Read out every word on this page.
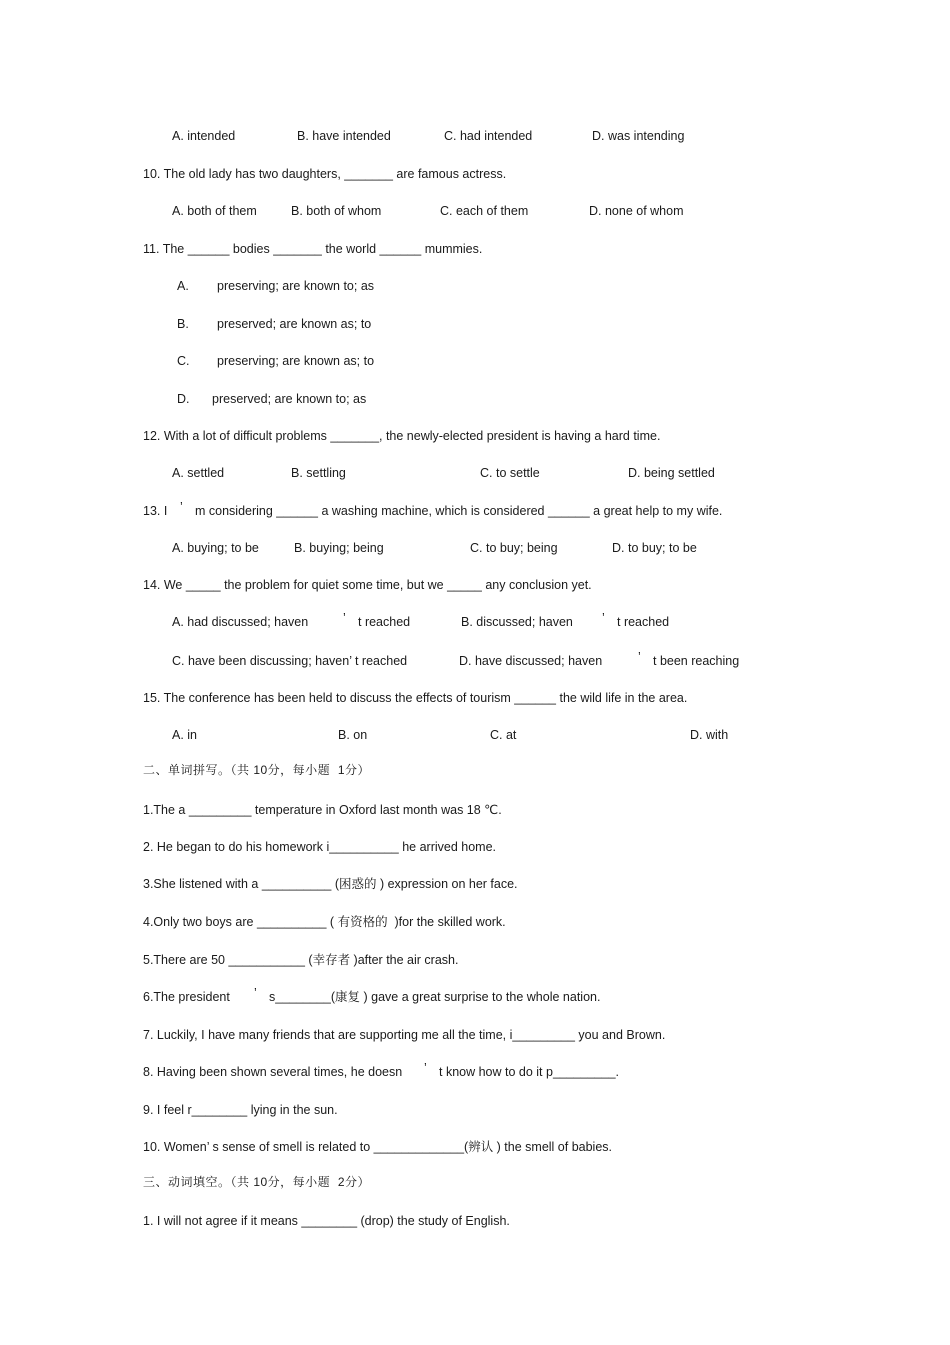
A. intended	B. have intended	C. had intended	D. was intending
10. The old lady has two daughters, _______ are famous actress.
A. both of them	B. both of whom	C. each of them	D. none of whom
11. The ______ bodies _______ the world ______ mummies.
A. preserving; are known to; as
B. preserved; are known as; to
C. preserving; are known as; to
D. preserved; are known to; as
12. With a lot of difficult problems _______, the newly-elected president is having a hard time.
A. settled	B. settling	C. to settle	D. being settled
13. I ’ m considering ______ a washing machine, which is considered ______ a great help to my wife.
A. buying; to be	B. buying; being	C. to buy; being	D. to buy; to be
14. We _____ the problem for quiet some time, but we _____ any conclusion yet.
A. had discussed; haven	’ t reached	B. discussed; haven ’ t reached
C. have been discussing; haven’ t reached	D. have discussed; haven	’ t been reaching
15. The conference has been held to discuss the effects of tourism ______ the wild life in the area.
A. in	B. on	C. at	D. with
二、单词拼写。（共 10分，每小题  1分）
1.The a _________ temperature in Oxford last month was 18 ℃.
2. He began to do his homework i__________ he arrived home.
3.She listened with a __________ (困惑的 ) expression on her face.
4.Only two boys are __________ ( 有资格的  )for the skilled work.
5.There are 50 ___________ (幸存者 )after the air crash.
6.The president ’ s________(康复 ) gave a great surprise to the whole nation.
7. Luckily, I have many friends that are supporting me all the time, i_________ you and Brown.
8. Having been shown several times, he doesn ’ t know how to do it p_________.
9. I feel r________ lying in the sun.
10. Women’ s sense of smell is related to _____________(辨认 ) the smell of babies.
三、动词填空。（共 10分，每小题  2分）
1. I will not agree if it means ________ (drop) the study of English.
